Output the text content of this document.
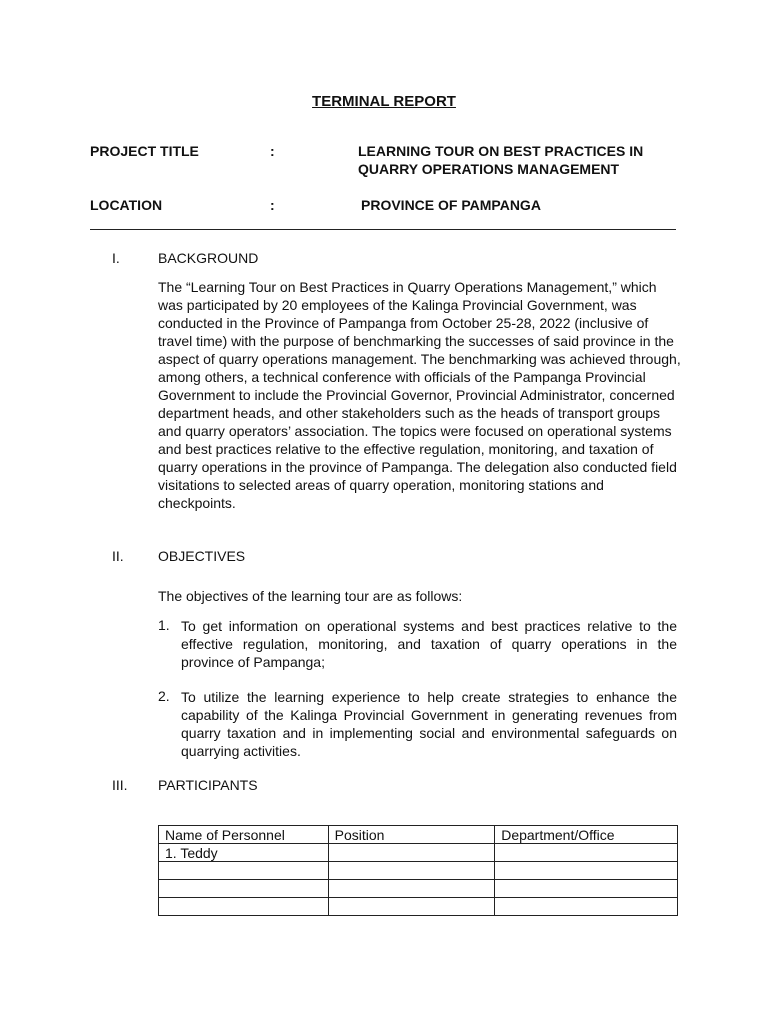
TERMINAL REPORT
PROJECT TITLE	:	LEARNING TOUR ON BEST PRACTICES IN
QUARRY OPERATIONS MANAGEMENT
LOCATION	:	PROVINCE OF PAMPANGA
I.	BACKGROUND
The “Learning Tour on Best Practices in Quarry Operations Management,” which was participated by 20 employees of the Kalinga Provincial Government, was conducted in the Province of Pampanga from October 25-28, 2022 (inclusive of travel time) with the purpose of benchmarking the successes of said province in the aspect of quarry operations management. The benchmarking was achieved through, among others, a technical conference with officials of the Pampanga Provincial Government to include the Provincial Governor, Provincial Administrator, concerned department heads, and other stakeholders such as the heads of transport groups and quarry operators’ association. The topics were focused on operational systems and best practices relative to the effective regulation, monitoring, and taxation of quarry operations in the province of Pampanga. The delegation also conducted field visitations to selected areas of quarry operation, monitoring stations and checkpoints.
II. OBJECTIVES
The objectives of the learning tour are as follows:
1. To get information on operational systems and best practices relative to the effective regulation, monitoring, and taxation of quarry operations in the province of Pampanga;
2. To utilize the learning experience to help create strategies to enhance the capability of the Kalinga Provincial Government in generating revenues from quarry taxation and in implementing social and environmental safeguards on quarrying activities.
III. PARTICIPANTS
Name of Personnel	Position	Department/Office
1. Teddy		
